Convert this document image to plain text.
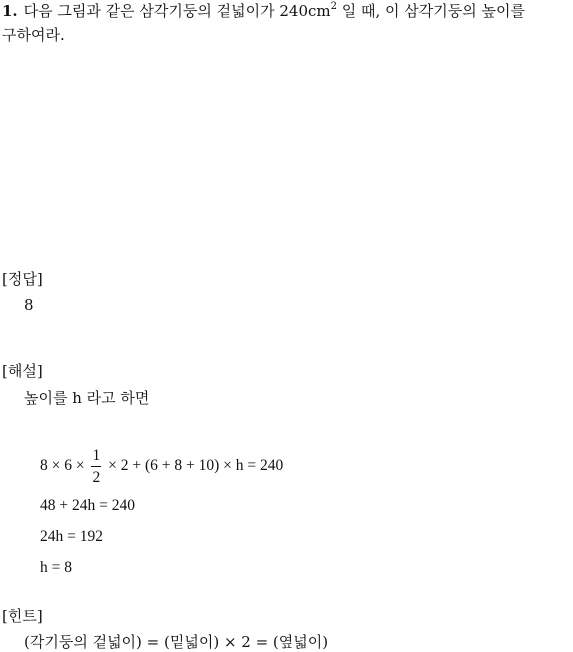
1. 다음 그림과 같은 삼각기둥의 겉넓이가 $240cm^2$ 일 때, 이 삼각기둥의 높이를
구하여라.
[정답]
8
[해설]
높이를 h 라고 하면
$8 \times 6 \times \frac{1}{2} \times 2 + (6 + 8 + 10) \times h = 240$
48 + 24h = 240
24h = 192
h = 8
[힌트]
(각기둥의 겉넓이) = (밑넓이) × 2 = (옆넓이)
